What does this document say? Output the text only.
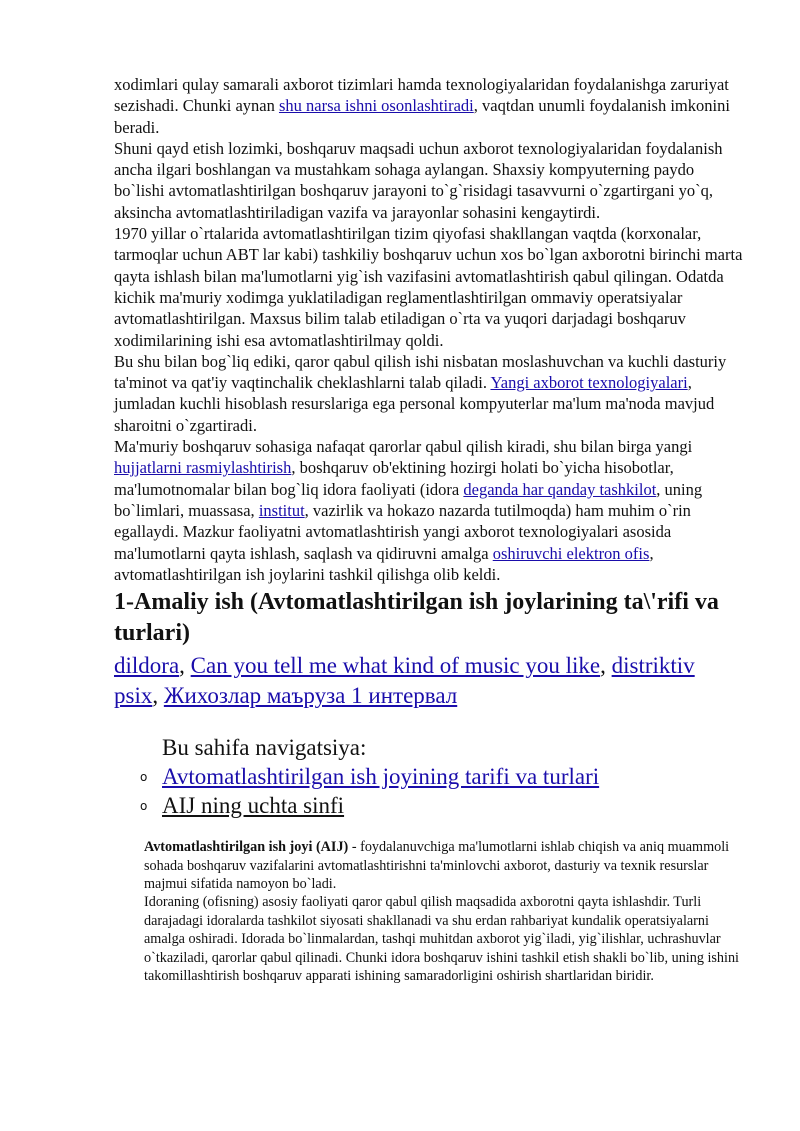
xodimlari qulay samarali axborot tizimlari hamda texnologiyalaridan foydalanishga zaruriyat sezishadi. Chunki aynan shu narsa ishni osonlashtiradi, vaqtdan unumli foydalanish imkonini beradi.

Shuni qayd etish lozimki, boshqaruv maqsadi uchun axborot texnologiyalaridan foydalanish ancha ilgari boshlangan va mustahkam sohaga aylangan. Shaxsiy kompyuterning paydo bo`lishi avtomatlashtirilgan boshqaruv jarayoni to`g`risidagi tasavvurni o`zgartirgani yo`q, aksincha avtomatlashtiriladigan vazifa va jarayonlar sohasini kengaytirdi.

1970 yillar o`rtalarida avtomatlashtirilgan tizim qiyofasi shakllangan vaqtda (korxonalar, tarmoqlar uchun ABT lar kabi) tashkiliy boshqaruv uchun xos bo`lgan axborotni birinchi marta qayta ishlash bilan ma'lumotlarni yig`ish vazifasini avtomatlashtirish qabul qilingan. Odatda kichik ma'muriy xodimga yuklatiladigan reglamentlashtirilgan ommaviy operatsiyalar avtomatlashtirilgan. Maxsus bilim talab etiladigan o`rta va yuqori darjadagi boshqaruv xodimilarining ishi esa avtomatlashtirilmay qoldi.

Bu shu bilan bog`liq ediki, qaror qabul qilish ishi nisbatan moslashuvchan va kuchli dasturiy ta'minot va qat'iy vaqtinchalik cheklashlarni talab qiladi. Yangi axborot texnologiyalari, jumladan kuchli hisoblash resurslariga ega personal kompyuterlar ma'lum ma'noda mavjud sharoitni o`zgartiradi.

Ma'muriy boshqaruv sohasiga nafaqat qarorlar qabul qilish kiradi, shu bilan birga yangi hujjatlarni rasmiylashtirish, boshqaruv ob'ektining hozirgi holati bo`yicha hisobotlar, ma'lumotnomalar bilan bog`liq idora faoliyati (idora deganda har qanday tashkilot, uning bo`limlari, muassasa, institut, vazirlik va hokazo nazarda tutilmoqda) ham muhim o`rin egallaydi. Mazkur faoliyatni avtomatlashtirish yangi axborot texnologiyalari asosida ma'lumotlarni qayta ishlash, saqlash va qidiruvni amalga oshiruvchi elektron ofis, avtomatlashtirilgan ish joylarini tashkil qilishga olib keldi.

1-Amaliy ish (Avtomatlashtirilgan ish joylarining ta\'rifi va turlari)
dildora, Can you tell me what kind of music you like, distriktiv psix, Жихозлар маъруза 1 интервал
Bu sahifa navigatsiya:
o Avtomatlashtirilgan ish joyining tarifi va turlari
o AIJ ning uchta sinfi

Avtomatlashtirilgan ish joyi (AIJ) - foydalanuvchiga ma'lumotlarni ishlab chiqish va aniq muammoli sohada boshqaruv vazifalarini avtomatlashtirishni ta'minlovchi axborot, dasturiy va texnik resurslar majmui sifatida namoyon bo`ladi.

Idoraning (ofisning) asosiy faoliyati qaror qabul qilish maqsadida axborotni qayta ishlashdir. Turli darajadagi idoralarda tashkilot siyosati shakllanadi va shu erdan rahbariyat kundalik operatsiyalarni amalga oshiradi. Idorada bo`linmalardan, tashqi muhitdan axborot yig`iladi, yig`ilishlar, uchrashuvlar o`tkaziladi, qarorlar qabul qilinadi. Chunki idora boshqaruv ishini tashkil etish shakli bo`lib, uning ishini takomillashtirish boshqaruv apparati ishining samaradorligini oshirish shartlaridan biridir.
